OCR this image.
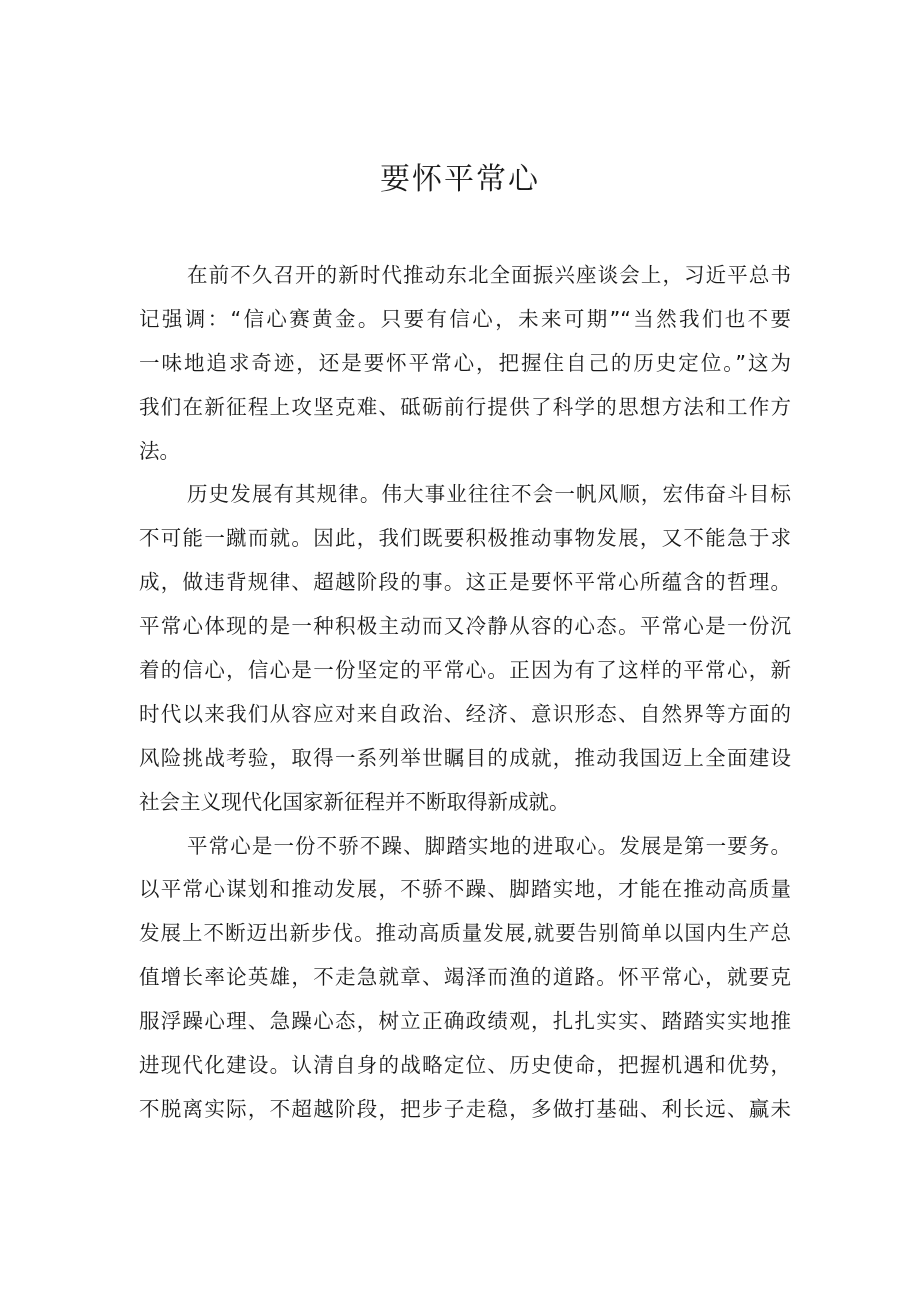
要怀平常心
在前不久召开的新时代推动东北全面振兴座谈会上，习近平总书
记强调：“信心赛黄金。只要有信心，未来可期”“当然我们也不要
一味地追求奇迹，还是要怀平常心，把握住自己的历史定位。”这为
我们在新征程上攻坚克难、砥砺前行提供了科学的思想方法和工作方
法。
历史发展有其规律。伟大事业往往不会一帆风顺，宏伟奋斗目标
不可能一蹴而就。因此，我们既要积极推动事物发展，又不能急于求
成，做违背规律、超越阶段的事。这正是要怀平常心所蕴含的哲理。
平常心体现的是一种积极主动而又冷静从容的心态。平常心是一份沉
着的信心，信心是一份坚定的平常心。正因为有了这样的平常心，新
时代以来我们从容应对来自政治、经济、意识形态、自然界等方面的
风险挑战考验，取得一系列举世瞩目的成就，推动我国迈上全面建设
社会主义现代化国家新征程并不断取得新成就。
平常心是一份不骄不躁、脚踏实地的进取心。发展是第一要务。
以平常心谋划和推动发展，不骄不躁、脚踏实地，才能在推动高质量
发展上不断迈出新步伐。推动高质量发展,就要告别简单以国内生产总
值增长率论英雄，不走急就章、竭泽而渔的道路。怀平常心，就要克
服浮躁心理、急躁心态，树立正确政绩观，扎扎实实、踏踏实实地推
进现代化建设。认清自身的战略定位、历史使命，把握机遇和优势，
不脱离实际，不超越阶段，把步子走稳，多做打基础、利长远、赢未
